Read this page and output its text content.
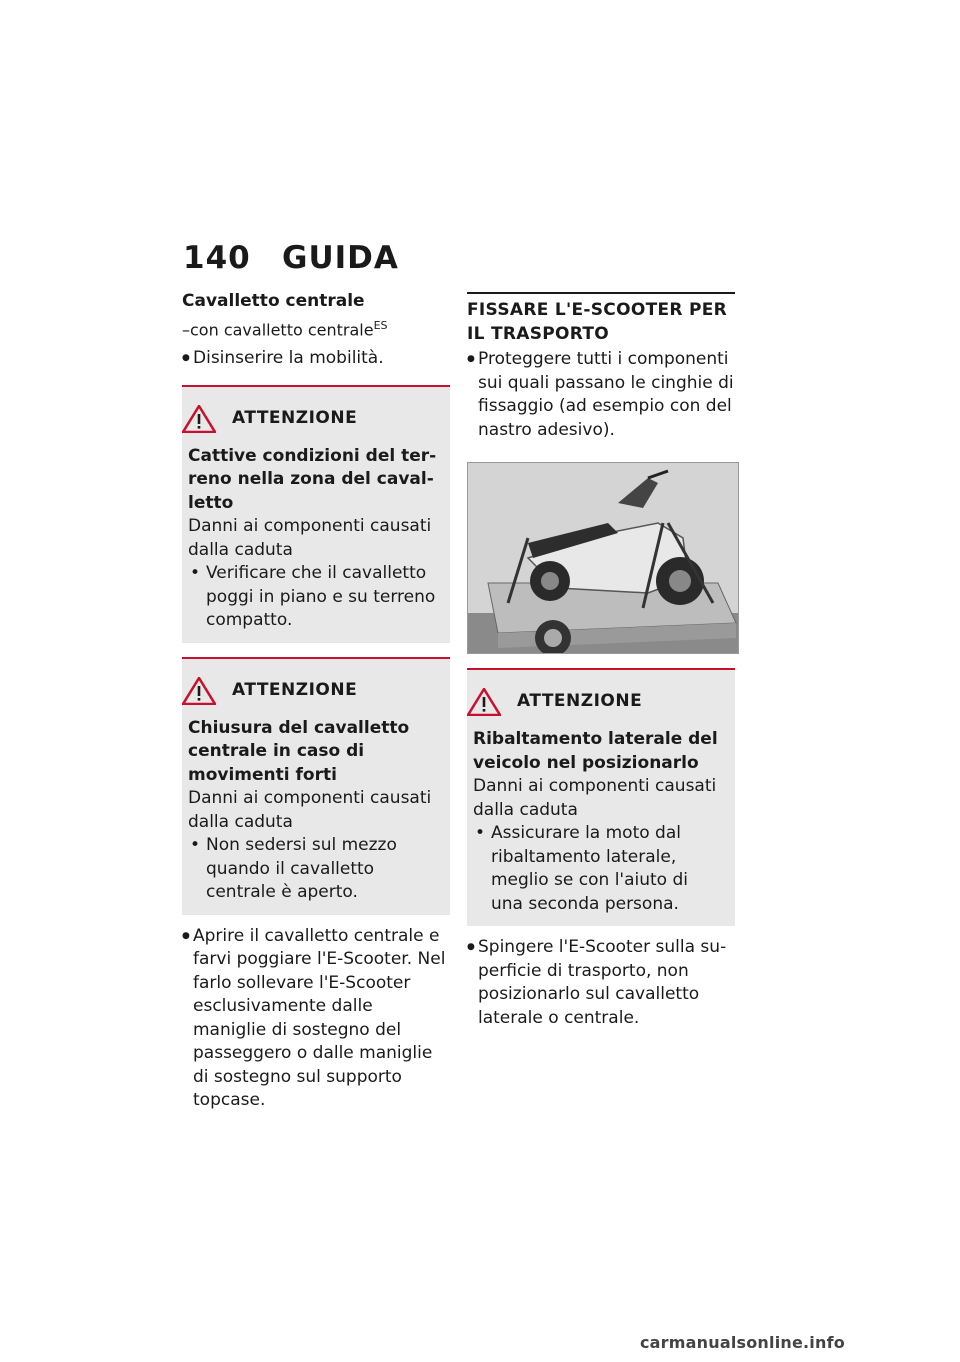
140 GUIDA
Cavalletto centrale
–con cavalletto centrale$^{ES}$
● Disinserire la mobilità.
ATTENZIONE
Cattive condizioni del terreno nella zona del cavalletto
Danni ai componenti causati dalla caduta
• Verificare che il cavalletto poggi in piano e su terreno compatto.
ATTENZIONE
Chiusura del cavalletto centrale in caso di movimenti forti
Danni ai componenti causati dalla caduta
• Non sedersi sul mezzo quando il cavalletto centrale è aperto.
● Aprire il cavalletto centrale e farvi poggiare l'E-Scooter. Nel farlo sollevare l'E-Scooter esclusivamente dalle maniglie di sostegno del passeggero o dalle maniglie di sostegno sul supporto topcase.
FISSARE L'E-SCOOTER PER IL TRASPORTO
● Proteggere tutti i componenti sui quali passano le cinghie di fissaggio (ad esempio con del nastro adesivo).
ATTENZIONE
Ribaltamento laterale del veicolo nel posizionarlo
Danni ai componenti causati dalla caduta
• Assicurare la moto dal ribaltamento laterale, meglio se con l'aiuto di una seconda persona.
● Spingere l'E-Scooter sulla superficie di trasporto, non posizionarlo sul cavalletto laterale o centrale.
carmanualsonline.info
